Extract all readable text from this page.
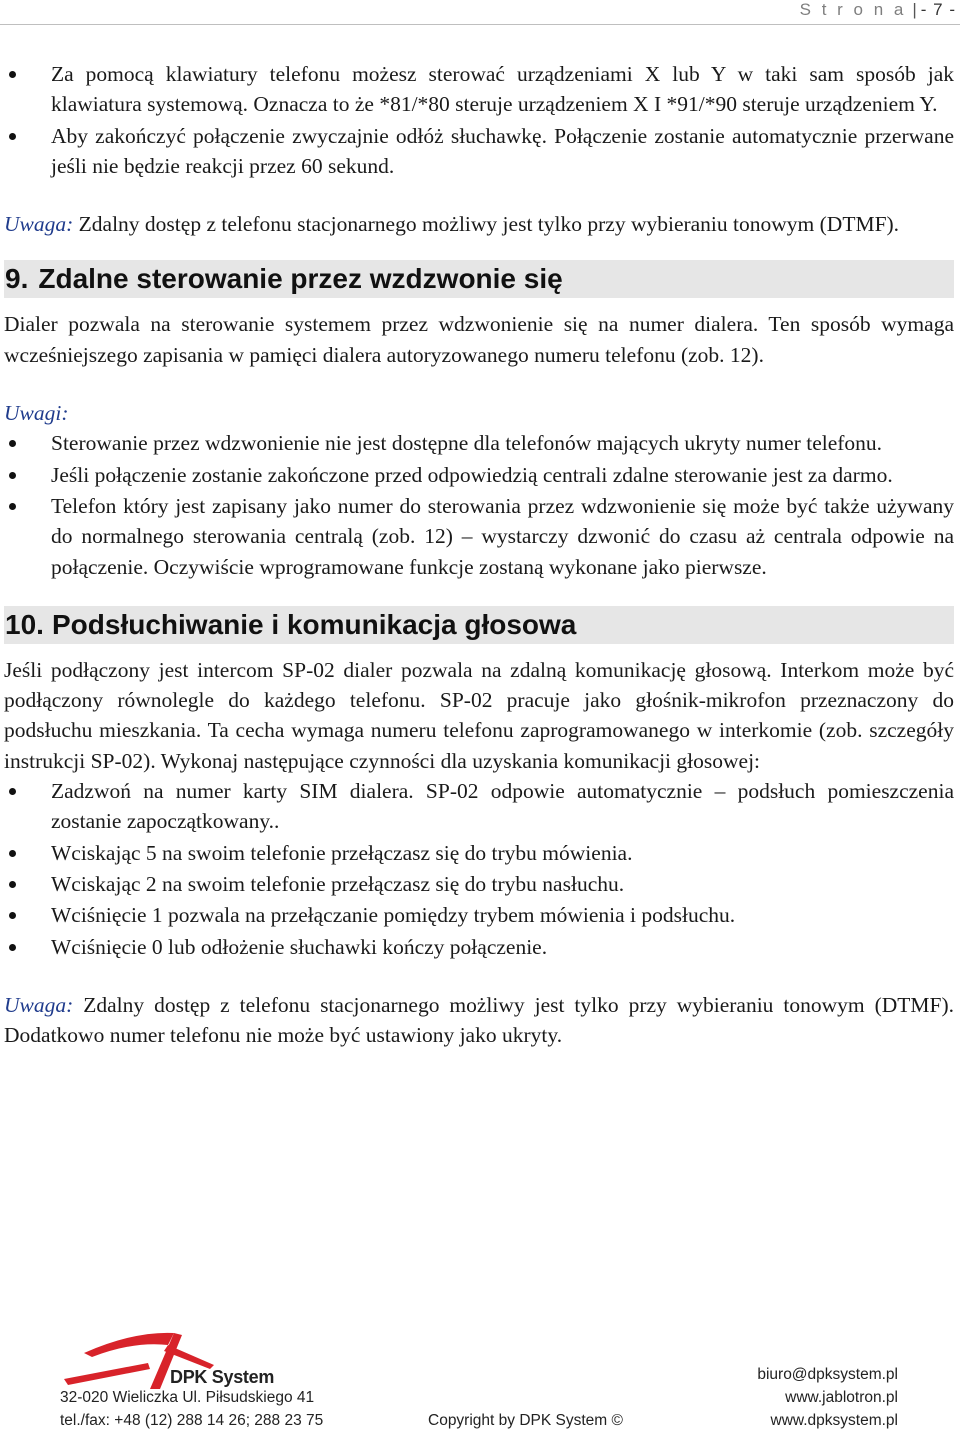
S t r o n a | - 7 -
Za pomocą klawiatury telefonu możesz sterować urządzeniami X lub Y w taki sam sposób jak klawiatura systemową. Oznacza to że *81/*80 steruje urządzeniem X I *91/*90 steruje urządzeniem Y.
Aby zakończyć połączenie zwyczajnie odłóż słuchawkę. Połączenie zostanie automatycznie przerwane jeśli nie będzie reakcji przez 60 sekund.

Uwaga: Zdalny dostęp z telefonu stacjonarnego możliwy jest tylko przy wybieraniu tonowym (DTMF).

9. Zdalne sterowanie przez wzdzwonie się

Dialer pozwala na sterowanie systemem przez wdzwonienie się na numer dialera. Ten sposób wymaga wcześniejszego zapisania w pamięci dialera autoryzowanego numeru telefonu (zob. 12).

Uwagi:

Sterowanie przez wdzwonienie nie jest dostępne dla telefonów mających ukryty numer telefonu.
Jeśli połączenie zostanie zakończone przed odpowiedzią centrali zdalne sterowanie jest za darmo.
Telefon który jest zapisany jako numer do sterowania przez wdzwonienie się może być także używany do normalnego sterowania centralą (zob. 12) – wystarczy dzwonić do czasu aż centrala odpowie na połączenie. Oczywiście wprogramowane funkcje zostaną wykonane jako pierwsze.
10. Podsłuchiwanie i komunikacja głosowa

Jeśli podłączony jest intercom SP-02 dialer pozwala na zdalną komunikację głosową. Interkom może być podłączony równolegle do każdego telefonu. SP-02 pracuje jako głośnik-mikrofon przeznaczony do podsłuchu mieszkania. Ta cecha wymaga numeru telefonu zaprogramowanego w interkomie (zob. szczegóły instrukcji SP-02). Wykonaj następujące czynności dla uzyskania komunikacji głosowej:

Zadzwoń na numer karty SIM dialera. SP-02 odpowie automatycznie – podsłuch pomieszczenia zostanie zapoczątkowany..
Wciskając 5 na swoim telefonie przełączasz się do trybu mówienia.
Wciskając 2 na swoim telefonie przełączasz się do trybu nasłuchu.
Wciśnięcie 1 pozwala na przełączanie pomiędzy trybem mówienia i podsłuchu.
Wciśnięcie 0 lub odłożenie słuchawki kończy połączenie.

Uwaga: Zdalny dostęp z telefonu stacjonarnego możliwy jest tylko przy wybieraniu tonowym (DTMF). Dodatkowo numer telefonu nie może być ustawiony jako ukryty.

DPK System	biuro@dpksystem.pl
32-020 Wieliczka Ul. Piłsudskiego 41	www.jablotron.pl
tel./fax: +48 (12) 288 14 26; 288 23 75	Copyright by DPK System ©	www.dpksystem.pl
